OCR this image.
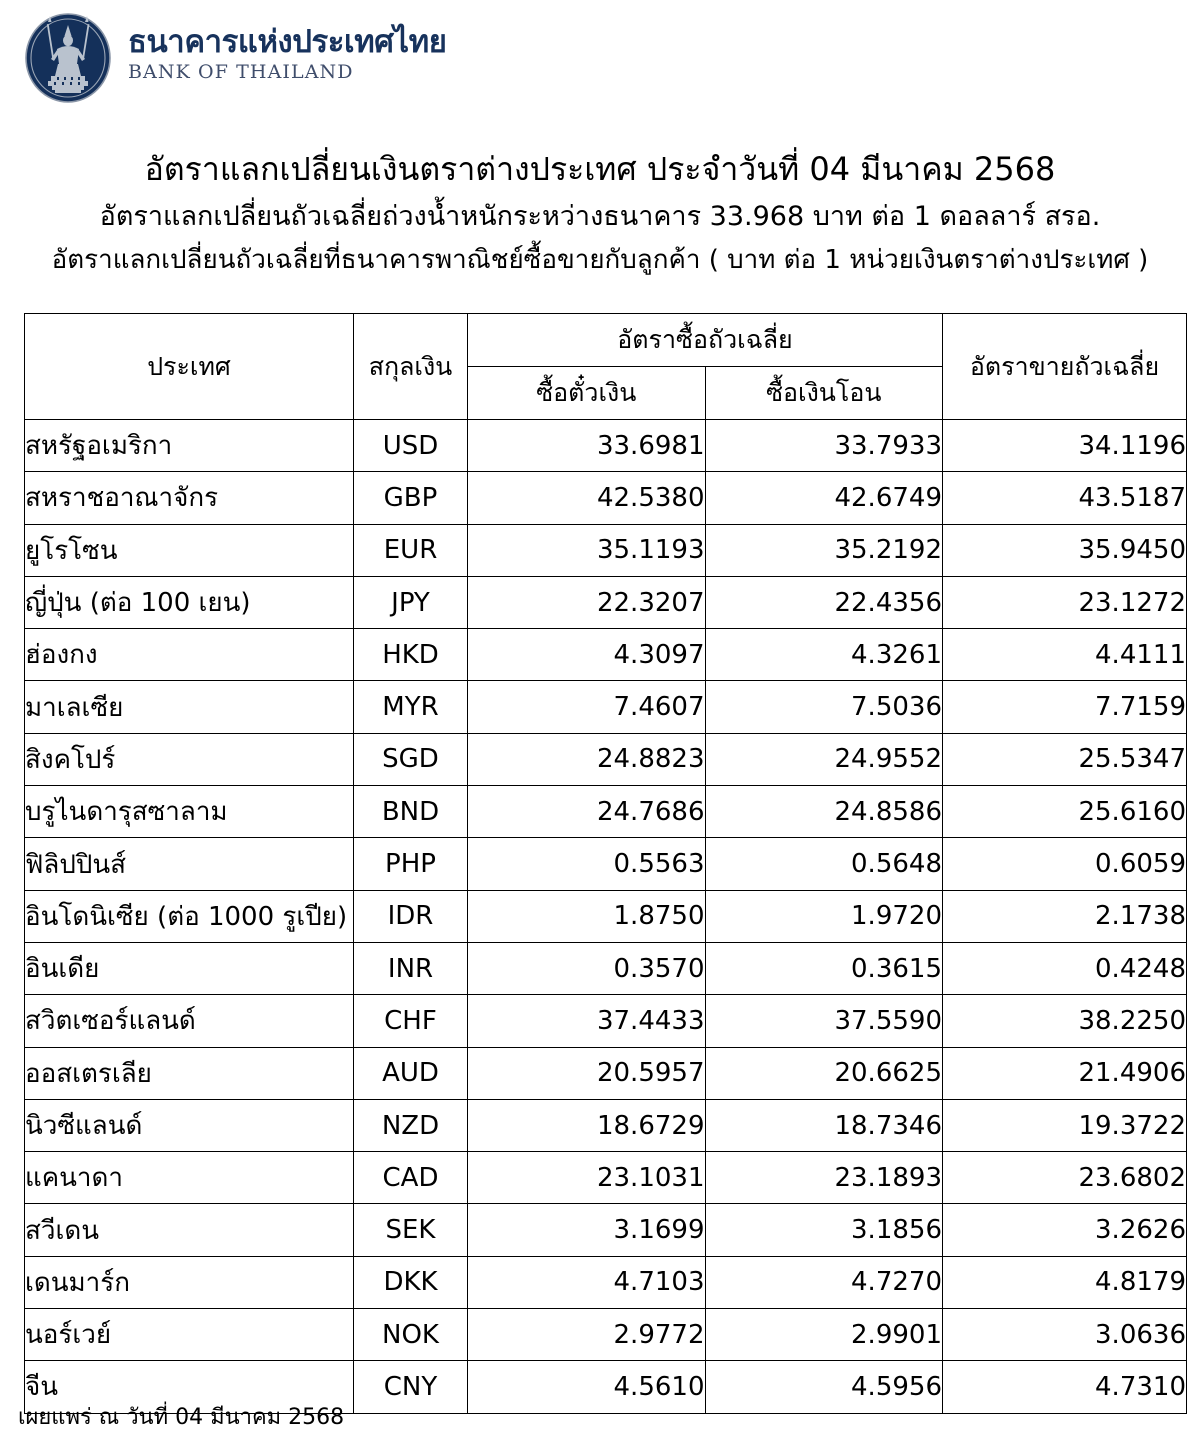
ธนาคารแห่งประเทศไทย
BANK OF THAILAND
อัตราแลกเปลี่ยนเงินตราต่างประเทศ ประจำวันที่ 04 มีนาคม 2568
อัตราแลกเปลี่ยนถัวเฉลี่ยถ่วงน้ำหนักระหว่างธนาคาร 33.968 บาท ต่อ 1 ดอลลาร์ สรอ.
อัตราแลกเปลี่ยนถัวเฉลี่ยที่ธนาคารพาณิชย์ซื้อขายกับลูกค้า ( บาท ต่อ 1 หน่วยเงินตราต่างประเทศ )
ประเทศ	สกุลเงิน	อัตราซื้อถัวเฉลี่ย		อัตราขายถัวเฉลี่ย
		ซื้อตั๋วเงิน	ซื้อเงินโอน	
สหรัฐอเมริกา	USD	33.6981	33.7933	34.1196
สหราชอาณาจักร	GBP	42.5380	42.6749	43.5187
ยูโรโซน	EUR	35.1193	35.2192	35.9450
ญี่ปุ่น (ต่อ 100 เยน)	JPY	22.3207	22.4356	23.1272
ฮ่องกง	HKD	4.3097	4.3261	4.4111
มาเลเซีย	MYR	7.4607	7.5036	7.7159
สิงคโปร์	SGD	24.8823	24.9552	25.5347
บรูไนดารุสซาลาม	BND	24.7686	24.8586	25.6160
ฟิลิปปินส์	PHP	0.5563	0.5648	0.6059
อินโดนิเซีย (ต่อ 1000 รูเปีย)	IDR	1.8750	1.9720	2.1738
อินเดีย	INR	0.3570	0.3615	0.4248
สวิตเซอร์แลนด์	CHF	37.4433	37.5590	38.2250
ออสเตรเลีย	AUD	20.5957	20.6625	21.4906
นิวซีแลนด์	NZD	18.6729	18.7346	19.3722
แคนาดา	CAD	23.1031	23.1893	23.6802
สวีเดน	SEK	3.1699	3.1856	3.2626
เดนมาร์ก	DKK	4.7103	4.7270	4.8179
นอร์เวย์	NOK	2.9772	2.9901	3.0636
จีน	CNY	4.5610	4.5956	4.7310
เผยแพร่ ณ วันที่ 04 มีนาคม 2568
